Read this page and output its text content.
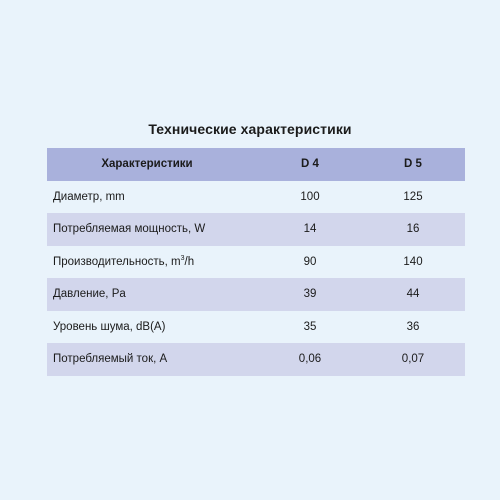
Технические характеристики
Характеристики	D 4	D 5
Диаметр, mm	100	125
Потребляемая мощность, W	14	16
Производительность, $m^3/h$	90	140
Давление, Pa	39	44
Уровень шума, dB(A)	35	36
Потребляемый ток, A	0,06	0,07
